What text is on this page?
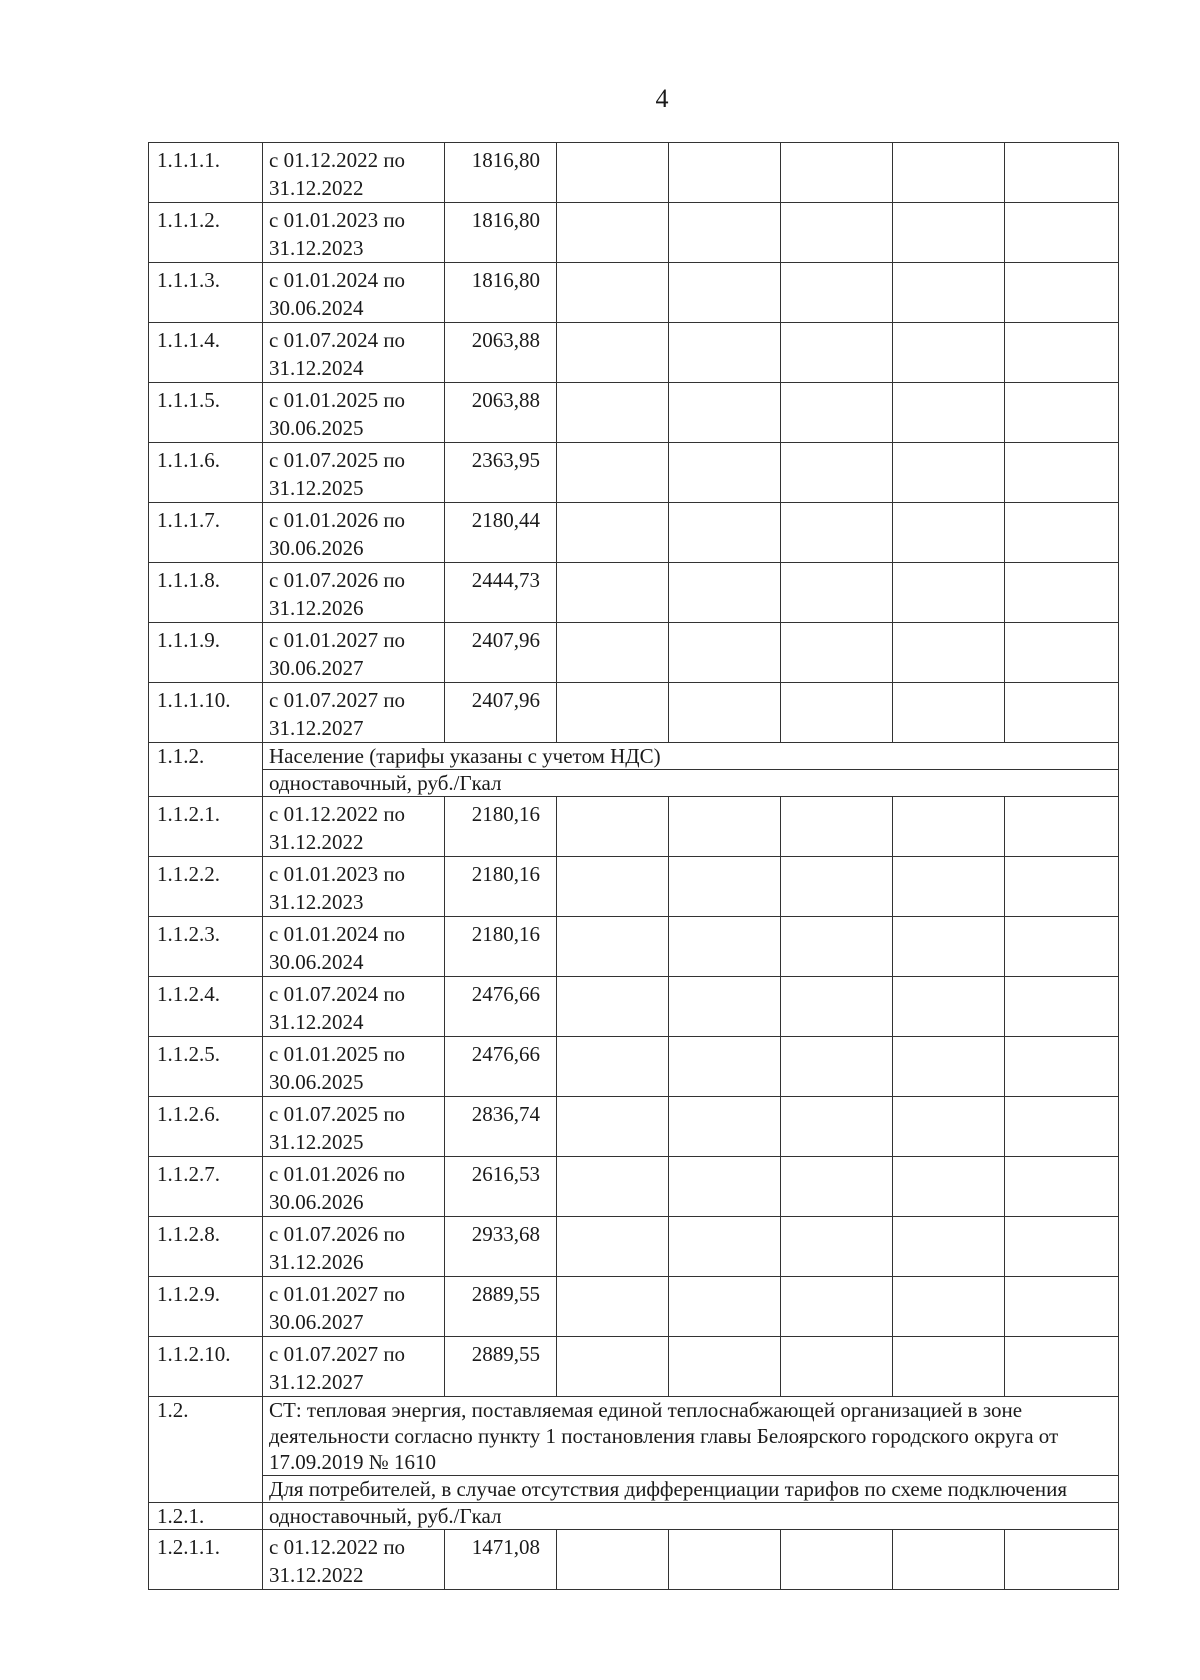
4
1.1.1.1.	с 01.12.2022 по 31.12.2022	1816,80					
1.1.1.2.	с 01.01.2023 по 31.12.2023	1816,80					
1.1.1.3.	с 01.01.2024 по 30.06.2024	1816,80					
1.1.1.4.	с 01.07.2024 по 31.12.2024	2063,88					
1.1.1.5.	с 01.01.2025 по 30.06.2025	2063,88					
1.1.1.6.	с 01.07.2025 по 31.12.2025	2363,95					
1.1.1.7.	с 01.01.2026 по 30.06.2026	2180,44					
1.1.1.8.	с 01.07.2026 по 31.12.2026	2444,73					
1.1.1.9.	с 01.01.2027 по 30.06.2027	2407,96					
1.1.1.10.	с 01.07.2027 по 31.12.2027	2407,96					
1.1.2.	Население (тарифы указаны с учетом НДС)						
	одноставочный, руб./Гкал						
1.1.2.1.	с 01.12.2022 по 31.12.2022	2180,16					
1.1.2.2.	с 01.01.2023 по 31.12.2023	2180,16					
1.1.2.3.	с 01.01.2024 по 30.06.2024	2180,16					
1.1.2.4.	с 01.07.2024 по 31.12.2024	2476,66					
1.1.2.5.	с 01.01.2025 по 30.06.2025	2476,66					
1.1.2.6.	с 01.07.2025 по 31.12.2025	2836,74					
1.1.2.7.	с 01.01.2026 по 30.06.2026	2616,53					
1.1.2.8.	с 01.07.2026 по 31.12.2026	2933,68					
1.1.2.9.	с 01.01.2027 по 30.06.2027	2889,55					
1.1.2.10.	с 01.07.2027 по 31.12.2027	2889,55					
1.2.	СТ: тепловая энергия, поставляемая единой теплоснабжающей организацией в зоне деятельности согласно пункту 1 постановления главы Белоярского городского округа от 17.09.2019 № 1610						
	Для потребителей, в случае отсутствия дифференциации тарифов по схеме подключения						
1.2.1.	одноставочный, руб./Гкал						
1.2.1.1.	с 01.12.2022 по 31.12.2022	1471,08					
